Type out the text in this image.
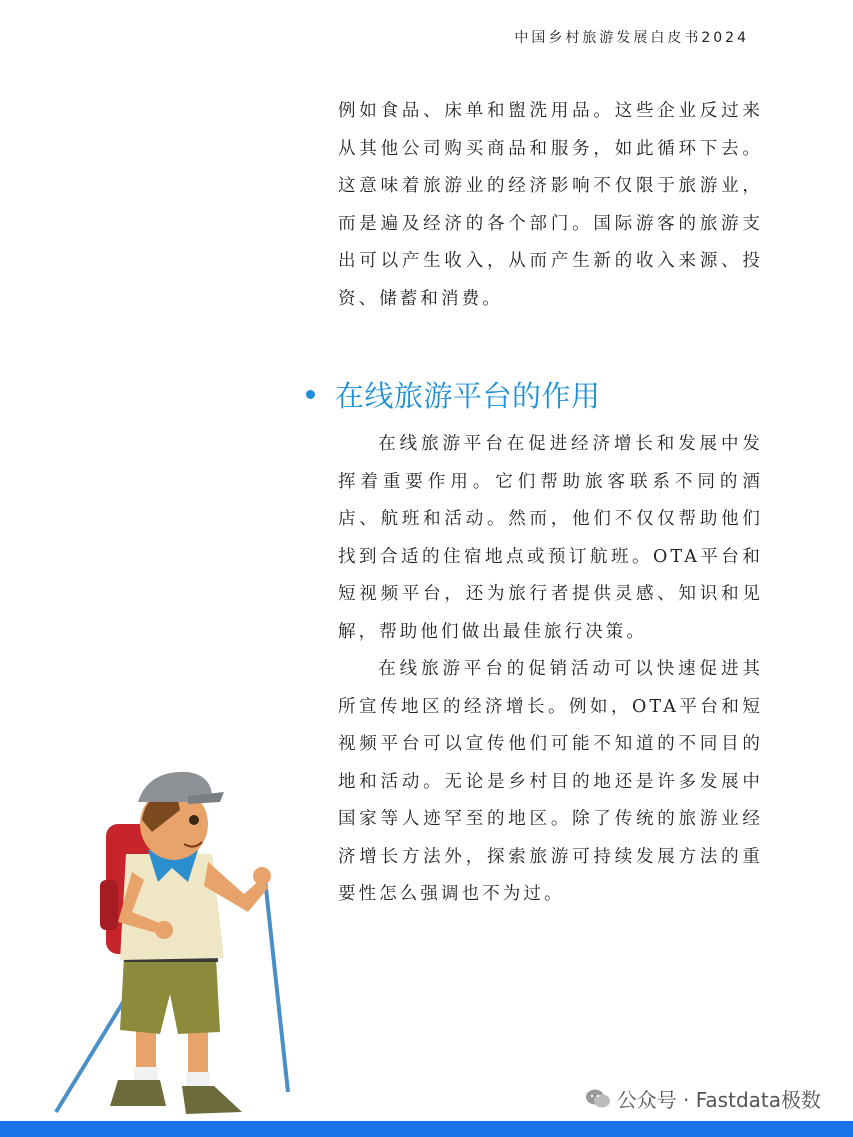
中国乡村旅游发展白皮书2024

例如食品、床单和盥洗用品。这些企业反过来从其他公司购买商品和服务，如此循环下去。这意味着旅游业的经济影响不仅限于旅游业，而是遍及经济的各个部门。国际游客的旅游支出可以产生收入，从而产生新的收入来源、投资、储蓄和消费。

在线旅游平台的作用

在线旅游平台在促进经济增长和发展中发挥着重要作用。它们帮助旅客联系不同的酒店、航班和活动。然而，他们不仅仅帮助他们找到合适的住宿地点或预订航班。OTA平台和短视频平台，还为旅行者提供灵感、知识和见解，帮助他们做出最佳旅行决策。

在线旅游平台的促销活动可以快速促进其所宣传地区的经济增长。例如，OTA平台和短视频平台可以宣传他们可能不知道的不同目的地和活动。无论是乡村目的地还是许多发展中国家等人迹罕至的地区。除了传统的旅游业经济增长方法外，探索旅游可持续发展方法的重要性怎么强调也不为过。

公众号 · Fastdata极数
